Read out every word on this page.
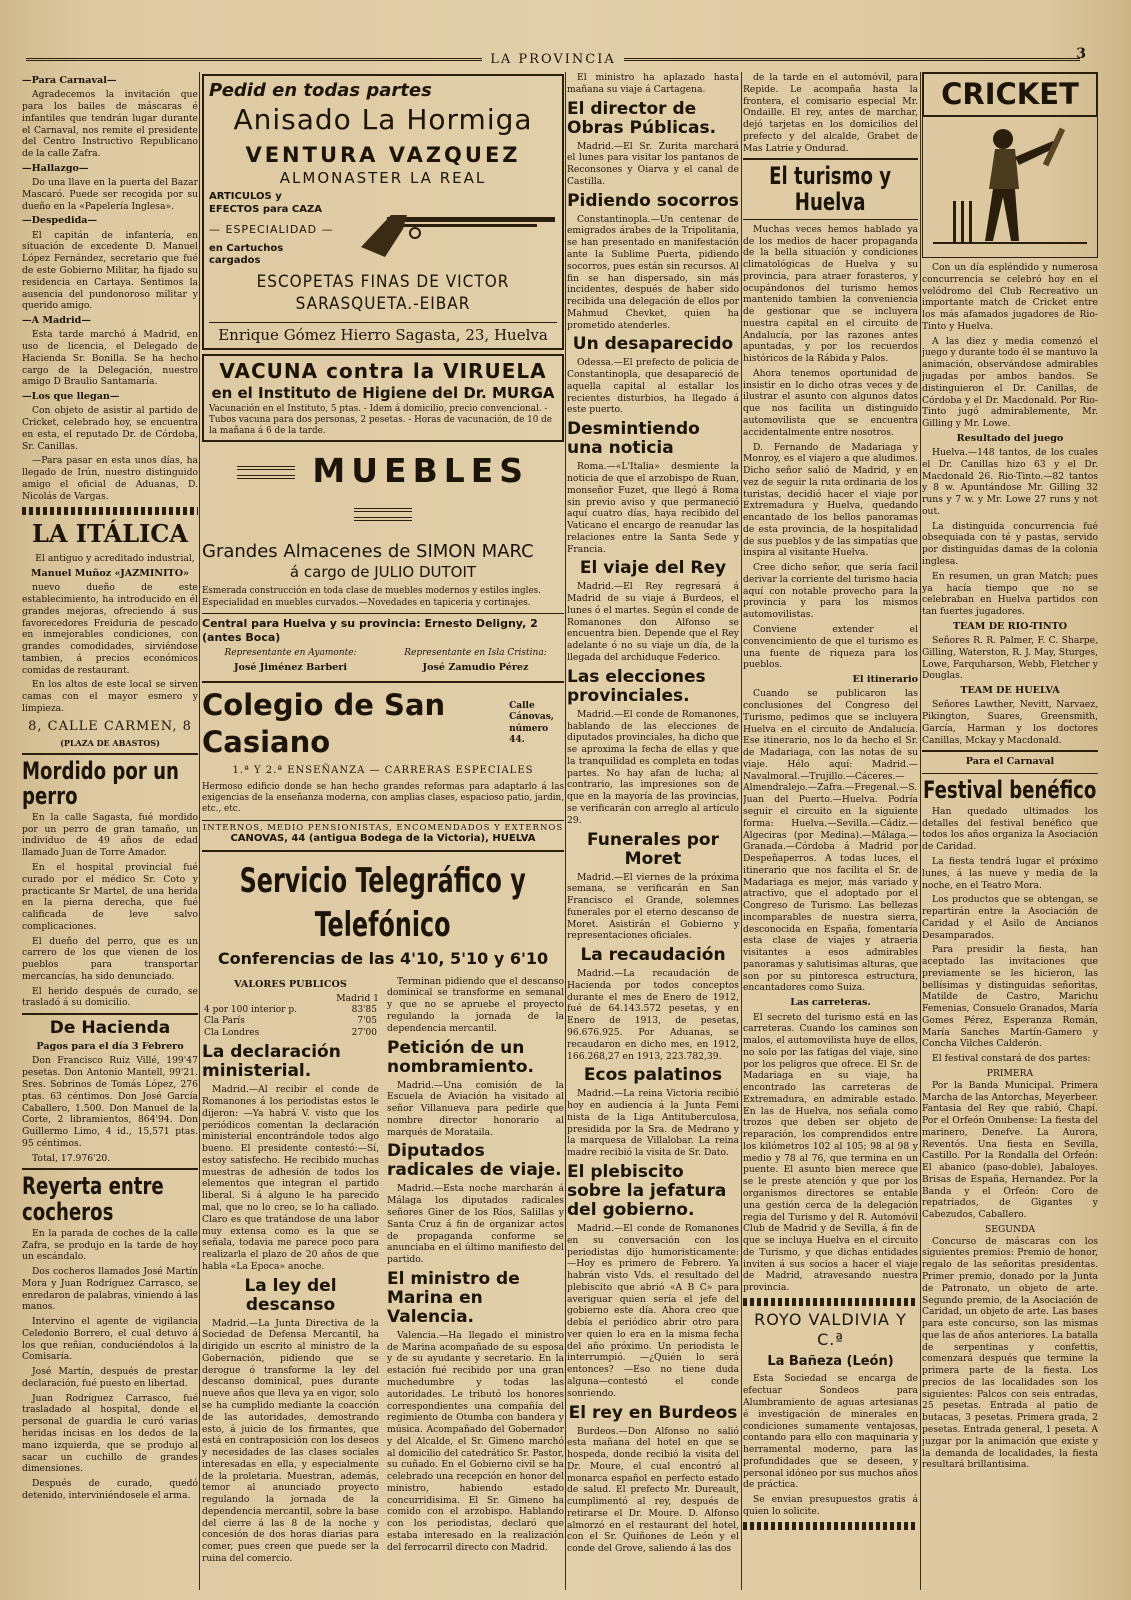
LA PROVINCIA	3
—Para Carnaval—

Agradecemos la invitación que para los bailes de máscaras é infantiles que tendrán lugar durante el Carnaval, nos remite el presidente del Centro Instructivo Republicano de la calle Zafra.

—Hallazgo—

Do una llave en la puerta del Bazar Mascaró. Puede ser recogida por su dueño en la «Papelería Inglesa».

—Despedida—

El capitán de infantería, en situación de excedente D. Manuel López Fernández, secretario que fué de este Gobierno Militar, ha fijado su residencia en Cartaya. Sentimos la ausencia del pundonoroso militar y querido amigo.

—A Madrid—

Esta tarde marchó á Madrid, en uso de licencia, el Delegado de Hacienda Sr. Bonilla. Se ha hecho cargo de la Delegación, nuestro amigo D Braulio Santamaría.

—Los que llegan—

Con objeto de asistir al partido de Cricket, celebrado hoy, se encuentra en esta, el reputado Dr. de Córdoba, Sr. Canillas.

—Para pasar en esta unos días, ha llegado de Irún, nuestro distinguido amigo el oficial de Aduanas, D. Nicolás de Vargas.

LA ITÁLICA

El antiguo y acreditado industrial,

Manuel Muñoz «JAZMINITO»

nuevo dueño de este establecimiento, ha introducido en él grandes mejoras, ofreciendo á sus favorecedores Freiduria de pescado en inmejorables condiciones, con grandes comodidades, sirviéndose tambien, á precios económicos comidas de restaurant.

En los altos de este local se sirven camas con el mayor esmero y limpieza.

8, CALLE CARMEN, 8
(PLAZA DE ABASTOS)
Mordido por un perro

En la calle Sagasta, fué mordido por un perro de gran tamaño, un individuo de 49 años de edad llamado Juan de Torre Amador.

En el hospital provincial fué curado por el médico Sr. Coto y practicante Sr Martel, de una herida en la pierna derecha, que fué calificada de leve salvo complicaciones.

El dueño del perro, que es un carrero de los que vienen de los pueblos para transportar mercancías, ha sido denunciado.

El herido después de curado, se trasladó á su domicilio.

De Hacienda
Pagos para el día 3 Febrero

Don Francisco Ruiz Villé, 199'47 pesetas. Don Antonio Mantell, 99'21. Sres. Sobrinos de Tomás López, 276 ptas. 63 céntimos. Don José García Caballero, 1.500. Don Manuel de la Corte, 2 libramientos, 864'94. Don Guillermo Limo, 4 id., 15,571 ptas. 95 céntimos.

Total, 17.976'20.

Reyerta entre cocheros

En la parada de coches de la calle Zafra, se produjo en la tarde de hoy un escándalo.

Dos cocheros llamados José Martín Mora y Juan Rodríguez Carrasco, se enredaron de palabras, viniendo á las manos.

Intervino el agente de vigilancia Celedonio Borrero, el cual detuvo á los que reñian, conduciéndolos á la Comisaría.

José Martín, después de prestar declaración, fué puesto en libertad.

Juan Rodríguez Carrasco, fué trasladado al hospital, donde el personal de guardia le curó varias heridas incisas en los dedos de la mano izquierda, que se produjo al sacar un cuchillo de grandes dimensiones.

Después de curado, quedó detenido, interviniéndosele el arma.

Pedid en todas partes
Anisado La Hormiga
VENTURA VAZQUEZ
ALMONASTER LA REAL
ARTICULOS y EFECTOS para CAZA
— ESPECIALIDAD —
en Cartuchos cargados
ESCOPETAS FINAS DE VICTOR SARASQUETA.-EIBAR
Enrique Gómez Hierro Sagasta, 23, Huelva
VACUNA contra la VIRUELA
en el Instituto de Higiene del Dr. MURGA
Vacunación en el Instituto, 5 ptas. - Idem á domicilio, precio convencional. - Tubos vacuna para dos personas, 2 pesetas. - Horas de vacunación, de 10 de la mañana á 6 de la tarde.
MUEBLES
Grandes Almacenes de SIMON MARC
á cargo de JULIO DUTOIT
Esmerada construcción en toda clase de muebles modernos y estilos ingles. Especialidad en muebles curvados.—Novedades en tapiceria y cortinajes.
Central para Huelva y su provincia: Ernesto Deligny, 2 (antes Boca)
Representante en Ayamonte:
José Jiménez Barberi
Representante en Isla Cristina:
José Zamudio Pérez
Colegio de San Casiano
Calle Cánovas, número 44.
1.ª Y 2.ª ENSEÑANZA — CARRERAS ESPECIALES
Hermoso edificio donde se han hecho grandes reformas para adaptarlo á las exigencias de la enseñanza moderna, con amplias clases, espacioso patio, jardin, etc., etc.
INTERNOS, MEDIO PENSIONISTAS, ENCOMENDADOS Y EXTERNOS
CANOVAS, 44 (antigua Bodega de la Victoria), HUELVA
Servicio Telegráfico y Telefónico
Conferencias de las 4'10, 5'10 y 6'10
VALORES PUBLICOS
Madrid 1
4 por 100 interior p.	83'85
Cla París	7'05
Cla Londres	27'00
La declaración ministerial.

Madrid.—Al recibir el conde de Romanones á los periodistas estos le dijeron: —Ya habrá V. visto que los periódicos comentan la declaración ministerial encontrándole todos algo bueno. El presidente contestó:—Sí, estoy satisfecho. He recibido muchas muestras de adhesión de todos los elementos que integran el partido liberal. Si á alguno le ha parecido mal, que no lo creo, se lo ha callado. Claro es que tratándose de una labor muy extensa como es la que se señala, todavia me parece poco para realizarla el plazo de 20 años de que habla «La Epoca» anoche.

La ley del descanso

Madrid.—La Junta Directiva de la Sociedad de Defensa Mercantil, ha dirigido un escrito al ministro de la Gobernación, pidiendo que se derogue ó transforme la ley del descanso dominical, pues durante nueve años que lleva ya en vigor, solo se ha cumplido mediante la coacción de las autoridades, demostrando esto, á juicio de los firmantes, que está en contraposición con los deseos y necesidades de las clases sociales interesadas en ella, y especialmente de la proletaria. Muestran, además, temor al anunciado proyecto regulando la jornada de la dependencia mercantil, sobre la base del cierre á las 8 de la noche y concesión de dos horas diarias para comer, pues creen que puede ser la ruina del comercio.

Terminan pidiendo que el descanso dominical se transforme en semanal y que no se apruebe el proyecto regulando la jornada de la dependencia mercantil.

Petición de un nombramiento.

Madrid.—Una comisión de la Escuela de Aviación ha visitado al señor Villanueva para pedirle que nombre director honorario al marqués de Morataila.

Diputados radicales de viaje.

Madrid.—Esta noche marcharán á Málaga los diputados radicales señores Giner de los Ríos, Salillas y Santa Cruz á fin de organizar actos de propaganda conforme se anunciaba en el último manifiesto del partido.

El ministro de Marina en Valencia.

Valencia.—Ha llegado el ministro de Marina acompañado de su esposa y de su ayudante y secretario. En la estación fué recibido por una gran muchedumbre y todas las autoridades. Le tributó los honores correspondientes una compañía del regimiento de Otumba con bandera y música. Acompañado del Gobernador y del Alcalde, el Sr. Gimeno marchó al domicilio del catedrático Sr. Pastor, su cuñado. En el Gobierno civil se ha celebrado una recepción en honor del ministro, habiendo estado concurridisima. El Sr. Gimeno ha comido con el arzobispo. Hablando con los periodistas, declaró que estaba interesado en la realización del ferrocarril directo con Madrid.

El ministro ha aplazado hasta mañana su viaje á Cartagena.

El director de Obras Públicas.

Madrid.—El Sr. Zurita marchará el lunes para visitar los pantanos de Reconsones y Oiarva y el canal de Castilla.

Pidiendo socorros

Constantinopla.—Un centenar de emigrados árabes de la Tripolitania, se han presentado en manifestación ante la Sublime Puerta, pidiendo socorros, pues están sin recursos. Al fin se han dispersado, sin más incidentes, después de haber sido recibida una delegación de ellos por Mahmud Chevket, quien ha prometido atenderles.

Un desaparecido

Odessa.—El prefecto de policia de Constantinopla, que desapareció de aquella capital al estallar los recientes disturbios, ha llegado á este puerto.

Desmintiendo una noticia

Roma.—«L'Italia» desmiente la noticia de que el arzobispo de Ruan, monseñor Fuzet, que llegó á Roma sin previo aviso y que permaneció aquí cuatro días, haya recibido del Vaticano el encargo de reanudar las relaciones entre la Santa Sede y Francia.

El viaje del Rey

Madrid.—El Rey regresará á Madrid de su viaje á Burdeos, el lunes ó el martes. Según el conde de Romanones don Alfonso se encuentra bien. Depende que el Rey adelante ó no su viaje un día, de la llegada del archiduque Federico.

Las elecciones provinciales.

Madrid.—El conde de Romanones, hablando de las elecciones de diputados provinciales, ha dicho que se aproxima la fecha de ellas y que la tranquilidad es completa en todas partes. No hay afan de lucha; al contrario, las impresiones son de que en la mayoría de las provincias, se verificarán con arreglo al artículo 29.

Funerales por Moret

Madrid.—El viernes de la próxima semana, se verificarán en San Francisco el Grande, solemnes funerales por el eterno descanso de Moret. Asistirán el Gobierno y representaciones oficiales.

La recaudación

Madrid.—La recaudación de Hacienda por todos conceptos durante el mes de Enero de 1912, fué de 64.143.572 pesetas, y en Enero de 1913, de pesetas, 96.676.925. Por Aduanas, se recaudaron en dicho mes, en 1912, 166.268,27 en 1913, 223.782,39.

Ecos palatinos

Madrid.—La reina Victoria recibió hoy en audiencia á la Junta Femi nista de la Liga Antituberculosa, presidida por la Sra. de Medrano y la marquesa de Villalobar. La reina madre recibió la visita de Sr. Dato.

El plebiscito sobre la jefatura del gobierno.

Madrid.—El conde de Romanones en su conversación con los periodistas dijo humoristicamente: —Hoy es primero de Febrero. Ya habrán visto Vds. el resultado del plebiscito que abrió «A B C» para averiguar quien sería el jefe del gobierno este día. Ahora creo que debía el periódico abrir otro para ver quien lo era en la misma fecha del año próximo. Un periodista le interrumpió. —¿Quién lo será entonces? —Eso no tiene duda alguna—contestó el conde sonriendo.

El rey en Burdeos

Burdeos.—Don Alfonso no salió esta mañana del hotel en que se hospeda, donde recibió la visita del Dr. Moure, el cual encontró al monarca español en perfecto estado de salud. El prefecto Mr. Dureault, cumplimentó al rey, después de retirarse el Dr. Moure. D. Alfonso almorzó en el restaurant del hotel, con el Sr. Quiñones de León y el conde del Grove, saliendo á las dos

de la tarde en el automóvil, para Repide. Le acompaña hasta la frontera, el comisario especial Mr. Ondaille. El rey, antes de marchar, dejó tarjetas en los domicilios del prefecto y del alcalde, Grabet de Mas Latrie y Ondurad.

El turismo y Huelva

Muchas veces hemos hablado ya de los medios de hacer propaganda de la bella situación y condiciones climatológicas de Huelva y su provincia, para atraer forasteros, y ocupándonos del turismo hemos mantenido tambien la conveniencia de gestionar que se incluyera nuestra capital en el circuito de Andalucía, por las razones antes apuntadas, y por los recuerdos históricos de la Rábida y Palos.

Ahora tenemos oportunidad de insistir en lo dicho otras veces y de ilustrar el asunto con algunos datos que nos facilita un distinguido automovilista que se encuentra accidentalmente entre nosotros.

D. Fernando de Madariaga y Monroy, es el viajero a que aludimos. Dicho señor salió de Madrid, y en vez de seguir la ruta ordinaria de los turistas, decidió hacer el viaje por Extremadura y Huelva, quedando encantado de los bellos panoramas de esta provincia, de la hospitalidad de sus pueblos y de las simpatías que inspira al visitante Huelva.

Cree dicho señor, que sería facil derivar la corriente del turismo hacia aquí con notable provecho para la provincia y para los mismos automovilistas.

Conviene extender el convencimiento de que el turismo es una fuente de riqueza para los pueblos.

El itinerario

Cuando se publicaron las conclusiones del Congreso del Turismo, pedimos que se incluyera Huelva en el circuito de Andalucía. Ese itinerario, nos lo da hecho el Sr. de Madariaga, con las notas de su viaje. Hélo aquí: Madrid.—Navalmoral.—Trujillo.—Cáceres.—Almendralejo.—Zafra.—Fregenal.—S. Juan del Puerto.—Huelva. Podría seguir el circuito en la siguiente forma: Huelva.—Sevilla.—Cádiz.—Algeciras (por Medina).—Málaga.—Granada.—Córdoba á Madrid por Despeñaperros. A todas luces, el itinerario que nos facilita el Sr. de Madariaga es mejor, más variado y atractivo, que el adoptado por el Congreso de Turismo. Las bellezas incomparables de nuestra sierra, desconocida en España, fomentaría esta clase de viajes y atraeria visitantes a esos admirables panoramas y salutisimas alturas, que son por su pintoresca estructura, encantadores como Suiza.

Las carreteras.

El secreto del turismo está en las carreteras. Cuando los caminos son malos, el automovilista huye de ellos, no solo por las fatigas del viaje, sino por los peligros que ofrece. El Sr. de Madariaga en su viaje, ha encontrado las carreteras de Extremadura, en admirable estado. En las de Huelva, nos señala como trozos que deben ser objeto de reparación, los comprendidos entre los kilómetros 102 al 105; 98 al 98 y medio y 78 al 76, que termina en un puente. El asunto bien merece que se le preste atención y que por los organismos directores se entable una gestión cerca de la delegación regia del Turismo y del R. Automóvil Club de Madrid y de Sevilla, á fin de que se incluya Huelva en el circuito de Turismo, y que dichas entidades inviten á sus socios a hacer el viaje de Madrid, atravesando nuestra provincia.

ROYO VALDIVIA Y C.ª
La Bañeza (León)

Esta Sociedad se encarga de efectuar Sondeos para Alumbramiento de aguas artesianas é investigación de minerales en condiciones sumamente ventajosas, contando para ello con maquinaria y herramental moderno, para las profundidades que se deseen, y personal idóneo por sus muchos años de práctica.

Se envian presupuestos gratis á quien lo solicite.

CRICKET

Con un día espléndido y numerosa concurrencia se celebró hoy en el velódromo del Club Recreativo un importante match de Cricket entre los más afamados jugadores de Rio-Tinto y Huelva.

A las diez y media comenzó el juego y durante todo él se mantuvo la animación, observándose admirables jugadas por ambos bandos. Se distinguieron el Dr. Canillas, de Córdoba y el Dr. Macdonald. Por Rio-Tinto jugó admirablemente, Mr. Gilling y Mr. Lowe.

Resultado del juego

Huelva.—148 tantos, de los cuales el Dr. Canillas hizo 63 y el Dr. Macdonald 26. Rio-Tinto.—82 tantos y 8 w. Apuntándose Mr. Gilling 32 runs y 7 w. y Mr. Lowe 27 runs y not out.

La distinguida concurrencia fué obsequiada con té y pastas, servido por distinguidas damas de la colonia inglesa.

En resumen, un gran Match; pues ya hacía tiempo que no se celebraban en Huelva partidos con tan fuertes jugadores.

TEAM DE RIO-TINTO

Señores R. R. Palmer, F. C. Sharpe, Gilling, Waterston, R. J. May, Sturges, Lowe, Farquharson, Webb, Fletcher y Douglas.

TEAM DE HUELVA

Señores Lawther, Nevitt, Narvaez, Pikington, Suares, Greensmith, García, Harman y los doctores Canillas, Mckay y Macdonald.

Para el Carnaval
Festival benéfico

Han quedado ultimados los detalles del festival benéfico que todos los años organiza la Asociación de Caridad.

La fiesta tendrá lugar el próximo lunes, á las nueve y media de la noche, en el Teatro Mora.

Los productos que se obtengan, se repartirán entre la Asociación de Caridad y el Asilo de Ancianos Desamparados.

Para presidir la fiesta, han aceptado las invitaciones que previamente se les hicieron, las bellísimas y distinguidas señoritas, Matilde de Castro, Marichu Femenias, Consuelo Granados, María Gomes Pérez, Esperanza Román, María Sanches Martín-Gamero y Concha Vilches Calderón.

El festival constará de dos partes:

PRIMERA

Por la Banda Municipal. Primera Marcha de las Antorchas, Meyerbeer. Fantasia del Rey que rabió, Chapí. Por el Orfeón Onubense: La fiesta del marinero, Denefve. La Aurora, Reventós. Una fiesta en Sevilla, Castillo. Por la Rondalla del Orfeón: El abanico (paso-doble), Jabaloyes. Brisas de España, Hernandez. Por la Banda y el Orfeón: Coro de repatriados, de Gigantes y Cabezudos, Caballero.

SEGUNDA

Concurso de máscaras con los siguientes premios: Premio de honor, regalo de las señoritas presidentas. Primer premio, donado por la Junta de Patronato, un objeto de arte. Segundo premio, de la Asociación de Caridad, un objeto de arte. Las bases para este concurso, son las mismas que las de años anteriores. La batalla de serpentinas y confettis, comenzará después que termine la primera parte de la fiesta. Los precios de las localidades son los siguientes: Palcos con seis entradas, 25 pesetas. Entrada al patio de butacas, 3 pesetas. Primera grada, 2 pesetas. Entrada general, 1 peseta. A juzgar por la animación que existe y la demanda de localidades, la fiesta resultará brillantisima.
